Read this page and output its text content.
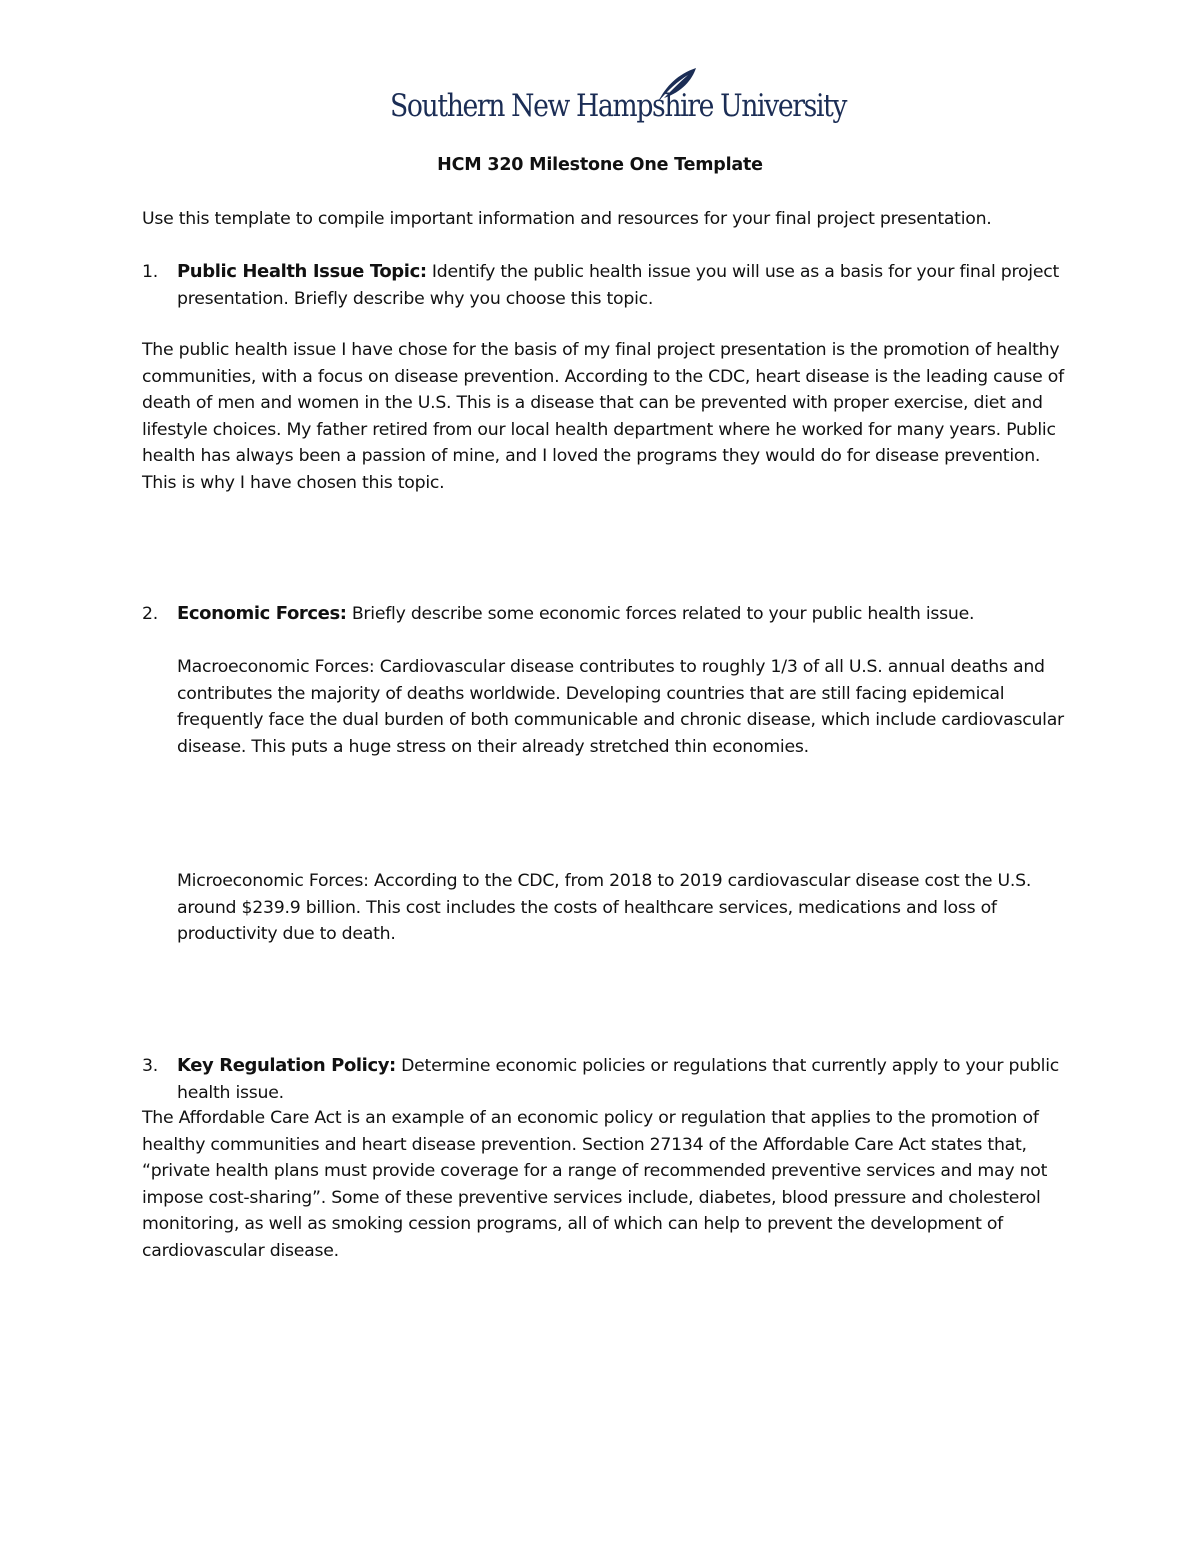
Southern New Hampshire University
HCM 320 Milestone One Template
Use this template to compile important information and resources for your final project presentation.
1. Public Health Issue Topic: Identify the public health issue you will use as a basis for your final project presentation. Briefly describe why you choose this topic.
The public health issue I have chose for the basis of my final project presentation is the promotion of healthy communities, with a focus on disease prevention. According to the CDC, heart disease is the leading cause of death of men and women in the U.S. This is a disease that can be prevented with proper exercise, diet and lifestyle choices. My father retired from our local health department where he worked for many years. Public health has always been a passion of mine, and I loved the programs they would do for disease prevention. This is why I have chosen this topic.
2. Economic Forces: Briefly describe some economic forces related to your public health issue.
Macroeconomic Forces: Cardiovascular disease contributes to roughly 1/3 of all U.S. annual deaths and contributes the majority of deaths worldwide. Developing countries that are still facing epidemical frequently face the dual burden of both communicable and chronic disease, which include cardiovascular disease. This puts a huge stress on their already stretched thin economies.
Microeconomic Forces: According to the CDC, from 2018 to 2019 cardiovascular disease cost the U.S. around $239.9 billion. This cost includes the costs of healthcare services, medications and loss of productivity due to death.
3. Key Regulation Policy: Determine economic policies or regulations that currently apply to your public health issue.
The Affordable Care Act is an example of an economic policy or regulation that applies to the promotion of healthy communities and heart disease prevention. Section 27134 of the Affordable Care Act states that, “private health plans must provide coverage for a range of recommended preventive services and may not impose cost-sharing”. Some of these preventive services include, diabetes, blood pressure and cholesterol monitoring, as well as smoking cession programs, all of which can help to prevent the development of cardiovascular disease.
